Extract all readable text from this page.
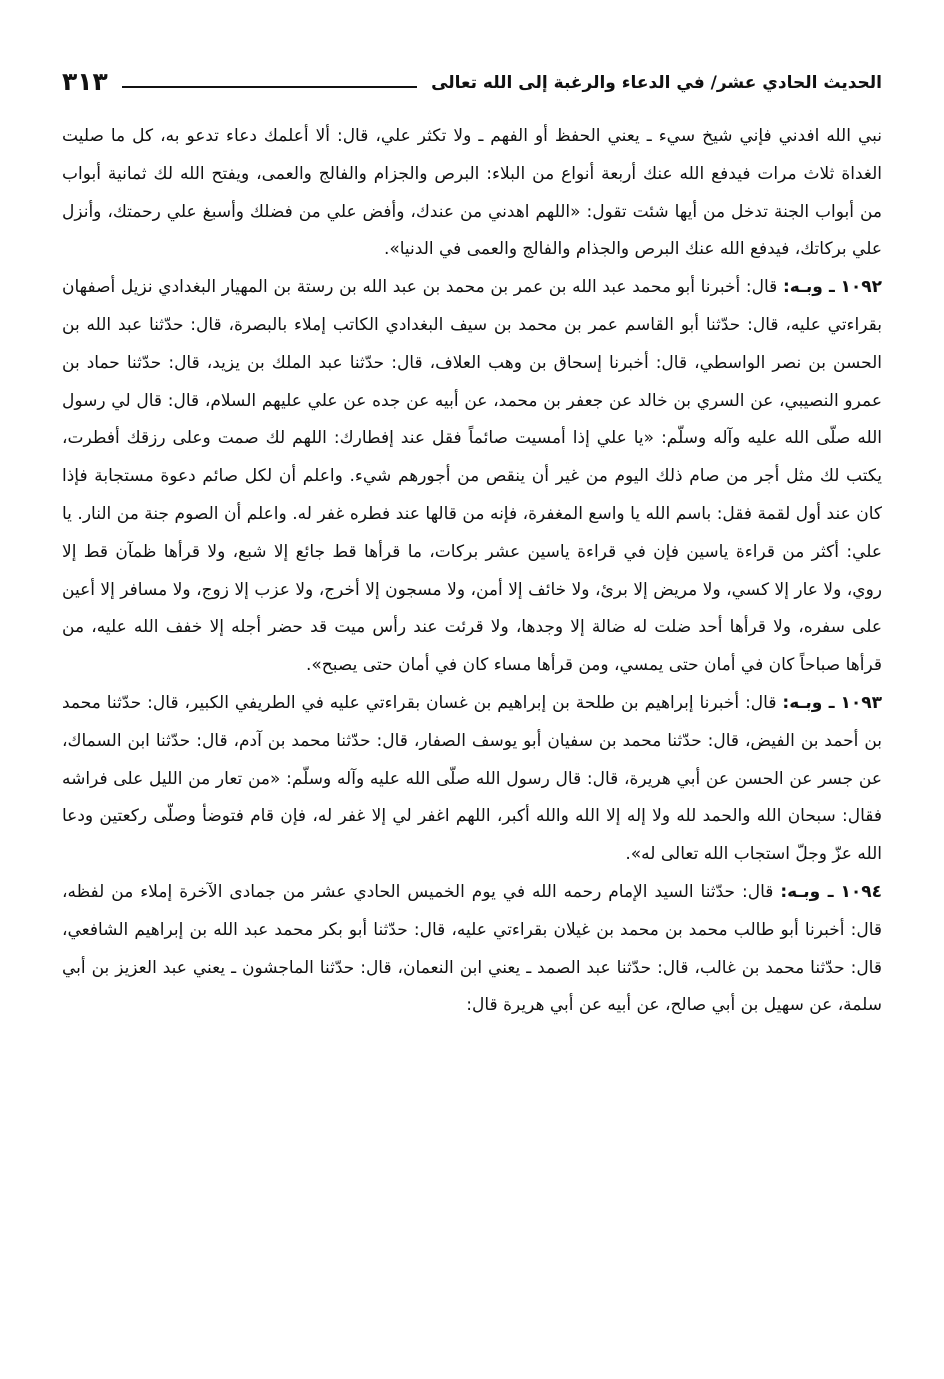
الحديث الحادي عشر/ في الدعاء والرغبة إلى الله تعالى
٣١٣

نبي الله افدني فإني شيخ سيء ـ يعني الحفظ أو الفهم ـ ولا تكثر علي، قال: ألا أعلمك دعاء تدعو به، كل ما صليت الغداة ثلاث مرات فيدفع الله عنك أربعة أنواع من البلاء: البرص والجزام والفالج والعمى، ويفتح الله لك ثمانية أبواب من أبواب الجنة تدخل من أيها شئت تقول: «اللهم اهدني من عندك، وأفض علي من فضلك وأسبغ علي رحمتك، وأنزل علي بركاتك، فيدفع الله عنك البرص والجذام والفالج والعمى في الدنيا».

١٠٩٢ ـ وبـه: قال: أخبرنا أبو محمد عبد الله بن عمر بن محمد بن عبد الله بن رستة بن المهيار البغدادي نزيل أصفهان بقراءتي عليه، قال: حدّثنا أبو القاسم عمر بن محمد بن سيف البغدادي الكاتب إملاء بالبصرة، قال: حدّثنا عبد الله بن الحسن بن نصر الواسطي، قال: أخبرنا إسحاق بن وهب العلاف، قال: حدّثنا عبد الملك بن يزيد، قال: حدّثنا حماد بن عمرو النصيبي، عن السري بن خالد عن جعفر بن محمد، عن أبيه عن جده عن علي عليهم السلام، قال: قال لي رسول الله صلّى الله عليه وآله وسلّم: «يا علي إذا أمسيت صائماً فقل عند إفطارك: اللهم لك صمت وعلى رزقك أفطرت، يكتب لك مثل أجر من صام ذلك اليوم من غير أن ينقص من أجورهم شيء. واعلم أن لكل صائم دعوة مستجابة فإذا كان عند أول لقمة فقل: باسم الله يا واسع المغفرة، فإنه من قالها عند فطره غفر له. واعلم أن الصوم جنة من النار. يا علي: أكثر من قراءة ياسين فإن في قراءة ياسين عشر بركات، ما قرأها قط جائع إلا شبع، ولا قرأها ظمآن قط إلا روي، ولا عار إلا كسي، ولا مريض إلا برئ، ولا خائف إلا أمن، ولا مسجون إلا أخرج، ولا عزب إلا زوج، ولا مسافر إلا أعين على سفره، ولا قرأها أحد ضلت له ضالة إلا وجدها، ولا قرئت عند رأس ميت قد حضر أجله إلا خفف الله عليه، من قرأها صباحاً كان في أمان حتى يمسي، ومن قرأها مساء كان في أمان حتى يصبح».

١٠٩٣ ـ وبـه: قال: أخبرنا إبراهيم بن طلحة بن إبراهيم بن غسان بقراءتي عليه في الطريفي الكبير، قال: حدّثنا محمد بن أحمد بن الفيض، قال: حدّثنا محمد بن سفيان أبو يوسف الصفار، قال: حدّثنا محمد بن آدم، قال: حدّثنا ابن السماك، عن جسر عن الحسن عن أبي هريرة، قال: قال رسول الله صلّى الله عليه وآله وسلّم: «من تعار من الليل على فراشه فقال: سبحان الله والحمد لله ولا إله إلا الله والله أكبر، اللهم اغفر لي إلا غفر له، فإن قام فتوضأ وصلّى ركعتين ودعا الله عزّ وجلّ استجاب الله تعالى له».

١٠٩٤ ـ وبـه: قال: حدّثنا السيد الإمام رحمه الله في يوم الخميس الحادي عشر من جمادى الآخرة إملاء من لفظه، قال: أخبرنا أبو طالب محمد بن محمد بن غيلان بقراءتي عليه، قال: حدّثنا أبو بكر محمد عبد الله بن إبراهيم الشافعي، قال: حدّثنا محمد بن غالب، قال: حدّثنا عبد الصمد ـ يعني ابن النعمان، قال: حدّثنا الماجشون ـ يعني عبد العزيز بن أبي سلمة، عن سهيل بن أبي صالح، عن أبيه عن أبي هريرة قال:
